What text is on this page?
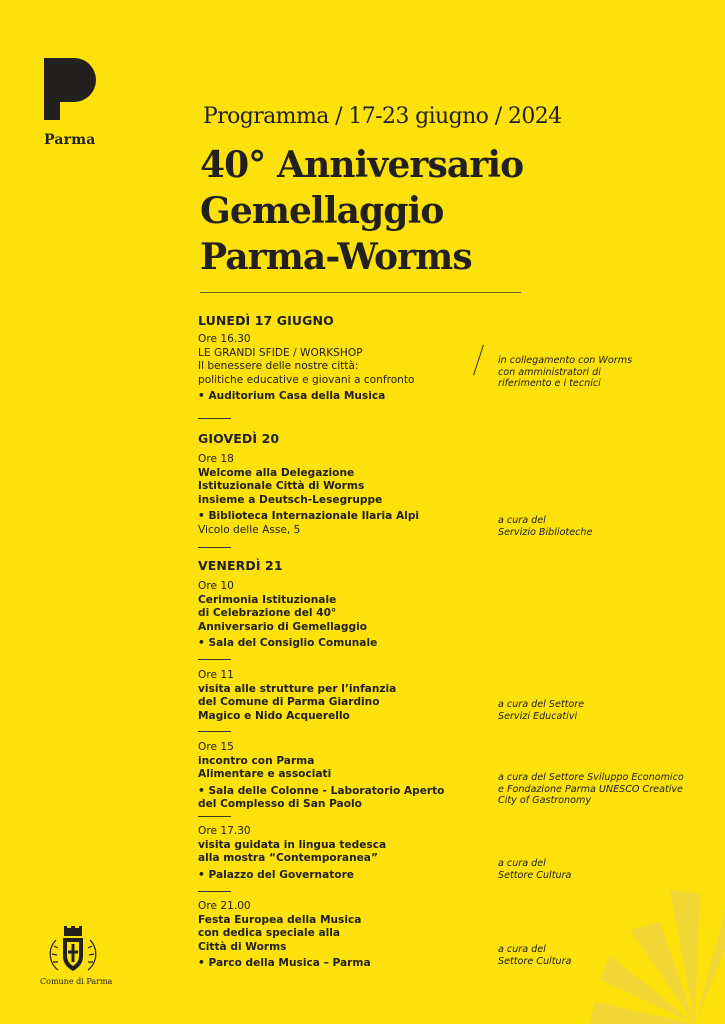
Parma
Programma / 17-23 giugno / 2024
40° Anniversario
Gemellaggio
Parma-Worms
LUNEDÌ 17 GIUGNO
Ore 16.30
LE GRANDI SFIDE / WORKSHOP
Il benessere delle nostre città:
politiche educative e giovani a confronto
• Auditorium Casa della Musica
in collegamento con Worms
con amministratori di
riferimento e i tecnici
GIOVEDÌ 20
Ore 18
Welcome alla Delegazione
Istituzionale Città di Worms
insieme a Deutsch-Lesegruppe
• Biblioteca Internazionale Ilaria Alpi
Vicolo delle Asse, 5
a cura del
Servizio Biblioteche
VENERDÌ 21
Ore 10
Cerimonia Istituzionale
di Celebrazione del 40°
Anniversario di Gemellaggio
• Sala del Consiglio Comunale
Ore 11
visita alle strutture per l’infanzia
del Comune di Parma Giardino
Magico e Nido Acquerello
a cura del Settore
Servizi Educativi
Ore 15
incontro con Parma
Alimentare e associati
• Sala delle Colonne - Laboratorio Aperto
del Complesso di San Paolo
a cura del Settore Sviluppo Economico
e Fondazione Parma UNESCO Creative
City of Gastronomy
Ore 17.30
visita guidata in lingua tedesca
alla mostra “Contemporanea”
• Palazzo del Governatore
a cura del
Settore Cultura
Ore 21.00
Festa Europea della Musica
con dedica speciale alla
Città di Worms
• Parco della Musica – Parma
a cura del
Settore Cultura
Comune di Parma
